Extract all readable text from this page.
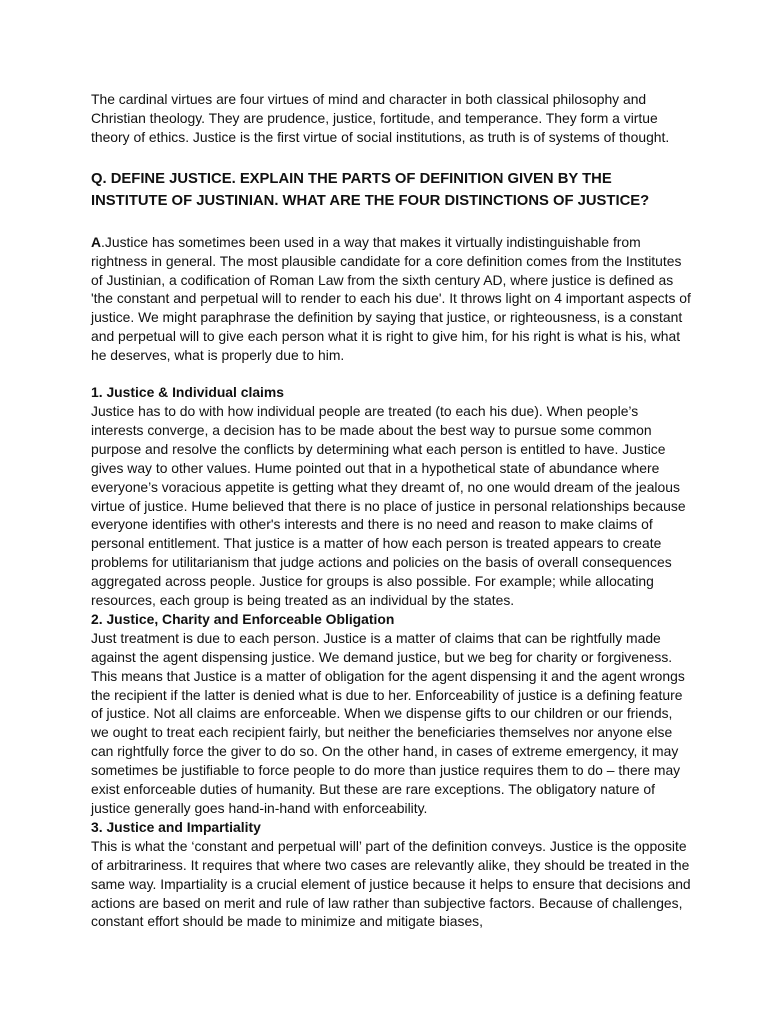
The cardinal virtues are four virtues of mind and character in both classical philosophy and Christian theology. They are prudence, justice, fortitude, and temperance. They form a virtue theory of ethics. Justice is the first virtue of social institutions, as truth is of systems of thought.

Q. DEFINE JUSTICE. EXPLAIN THE PARTS OF DEFINITION GIVEN BY THE INSTITUTE OF JUSTINIAN. WHAT ARE THE FOUR DISTINCTIONS OF JUSTICE?

A.Justice has sometimes been used in a way that makes it virtually indistinguishable from rightness in general. The most plausible candidate for a core definition comes from the Institutes of Justinian, a codification of Roman Law from the sixth century AD, where justice is defined as 'the constant and perpetual will to render to each his due'. It throws light on 4 important aspects of justice. We might paraphrase the definition by saying that justice, or righteousness, is a constant and perpetual will to give each person what it is right to give him, for his right is what is his, what he deserves, what is properly due to him.

1. Justice & Individual claims

Justice has to do with how individual people are treated (to each his due). When people’s interests converge, a decision has to be made about the best way to pursue some common purpose and resolve the conflicts by determining what each person is entitled to have. Justice gives way to other values. Hume pointed out that in a hypothetical state of abundance where everyone’s voracious appetite is getting what they dreamt of, no one would dream of the jealous virtue of justice. Hume believed that there is no place of justice in personal relationships because everyone identifies with other's interests and there is no need and reason to make claims of personal entitlement. That justice is a matter of how each person is treated appears to create problems for utilitarianism that judge actions and policies on the basis of overall consequences aggregated across people. Justice for groups is also possible. For example; while allocating resources, each group is being treated as an individual by the states.

2. Justice, Charity and Enforceable Obligation

Just treatment is due to each person. Justice is a matter of claims that can be rightfully made against the agent dispensing justice. We demand justice, but we beg for charity or forgiveness. This means that Justice is a matter of obligation for the agent dispensing it and the agent wrongs the recipient if the latter is denied what is due to her. Enforceability of justice is a defining feature of justice. Not all claims are enforceable. When we dispense gifts to our children or our friends, we ought to treat each recipient fairly, but neither the beneficiaries themselves nor anyone else can rightfully force the giver to do so. On the other hand, in cases of extreme emergency, it may sometimes be justifiable to force people to do more than justice requires them to do – there may exist enforceable duties of humanity. But these are rare exceptions. The obligatory nature of justice generally goes hand-in-hand with enforceability.

3. Justice and Impartiality

This is what the ‘constant and perpetual will’ part of the definition conveys. Justice is the opposite of arbitrariness. It requires that where two cases are relevantly alike, they should be treated in the same way. Impartiality is a crucial element of justice because it helps to ensure that decisions and actions are based on merit and rule of law rather than subjective factors. Because of challenges, constant effort should be made to minimize and mitigate biases,
